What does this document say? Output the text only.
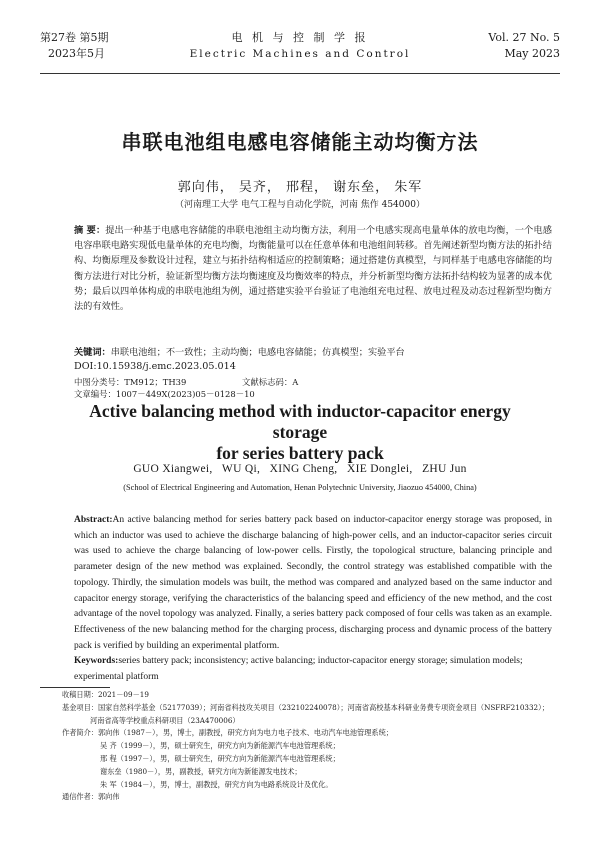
第27卷 第5期
2023年5月
电 机 与 控 制 学 报
Electric Machines and Control
Vol. 27 No. 5
May 2023
串联电池组电感电容储能主动均衡方法
郭向伟， 吴齐， 邢程， 谢东垒， 朱军
（河南理工大学 电气工程与自动化学院，河南 焦作 454000）
摘 要：提出一种基于电感电容储能的串联电池组主动均衡方法，利用一个电感实现高电量单体的放电均衡，一个电感电容串联电路实现低电量单体的充电均衡，均衡能量可以在任意单体和电池组间转移。首先阐述新型均衡方法的拓扑结构、均衡原理及参数设计过程，建立与拓扑结构相适应的控制策略；通过搭建仿真模型，与同样基于电感电容储能的均衡方法进行对比分析，验证新型均衡方法均衡速度及均衡效率的特点，并分析新型均衡方法拓扑结构较为显著的成本优势；最后以四单体构成的串联电池组为例，通过搭建实验平台验证了电池组充电过程、放电过程及动态过程新型均衡方法的有效性。
关键词：串联电池组；不一致性；主动均衡；电感电容储能；仿真模型；实验平台
DOI:10.15938/j.emc.2023.05.014
中图分类号：TM912；TH39	文献标志码：A文章编号：1007－449X(2023)05－0128－10
Active balancing method with inductor-capacitor energy storage
for series battery pack
GUO Xiangwei,   WU Qi,   XING Cheng,   XIE Donglei,   ZHU Jun
(School of Electrical Engineering and Automation, Henan Polytechnic University, Jiaozuo 454000, China)
Abstract:An active balancing method for series battery pack based on inductor-capacitor energy storage was proposed, in which an inductor was used to achieve the discharge balancing of high-power cells, and an inductor-capacitor series circuit was used to achieve the charge balancing of low-power cells. Firstly, the topological structure, balancing principle and parameter design of the new method was explained. Secondly, the control strategy was established compatible with the topology. Thirdly, the simulation models was built, the method was compared and analyzed based on the same inductor and capacitor energy storage, verifying the characteristics of the balancing speed and efficiency of the new method, and the cost advantage of the novel topology was analyzed. Finally, a series battery pack composed of four cells was taken as an example. Effectiveness of the new balancing method for the charging process, discharging process and dynamic process of the battery pack is verified by building an experimental platform.
Keywords:series battery pack; inconsistency; active balancing; inductor-capacitor energy storage; simulation models; experimental platform
收稿日期：2021－09－19
基金项目：国家自然科学基金（52177039）；河南省科技攻关项目（232102240078）；河南省高校基本科研业务费专项资金项目（NSFRF210332）；
河南省高等学校重点科研项目（23A470006）
作者简介：郭向伟（1987－），男，博士，副教授，研究方向为电力电子技术、电动汽车电池管理系统；
吴 齐（1999－），男，硕士研究生，研究方向为新能源汽车电池管理系统；
邢 程（1997－），男，硕士研究生，研究方向为新能源汽车电池管理系统；
谢东垒（1980－），男，副教授，研究方向为新能源发电技术；
朱 军（1984－），男，博士，副教授，研究方向为电路系统设计及优化。
通信作者：郭向伟
